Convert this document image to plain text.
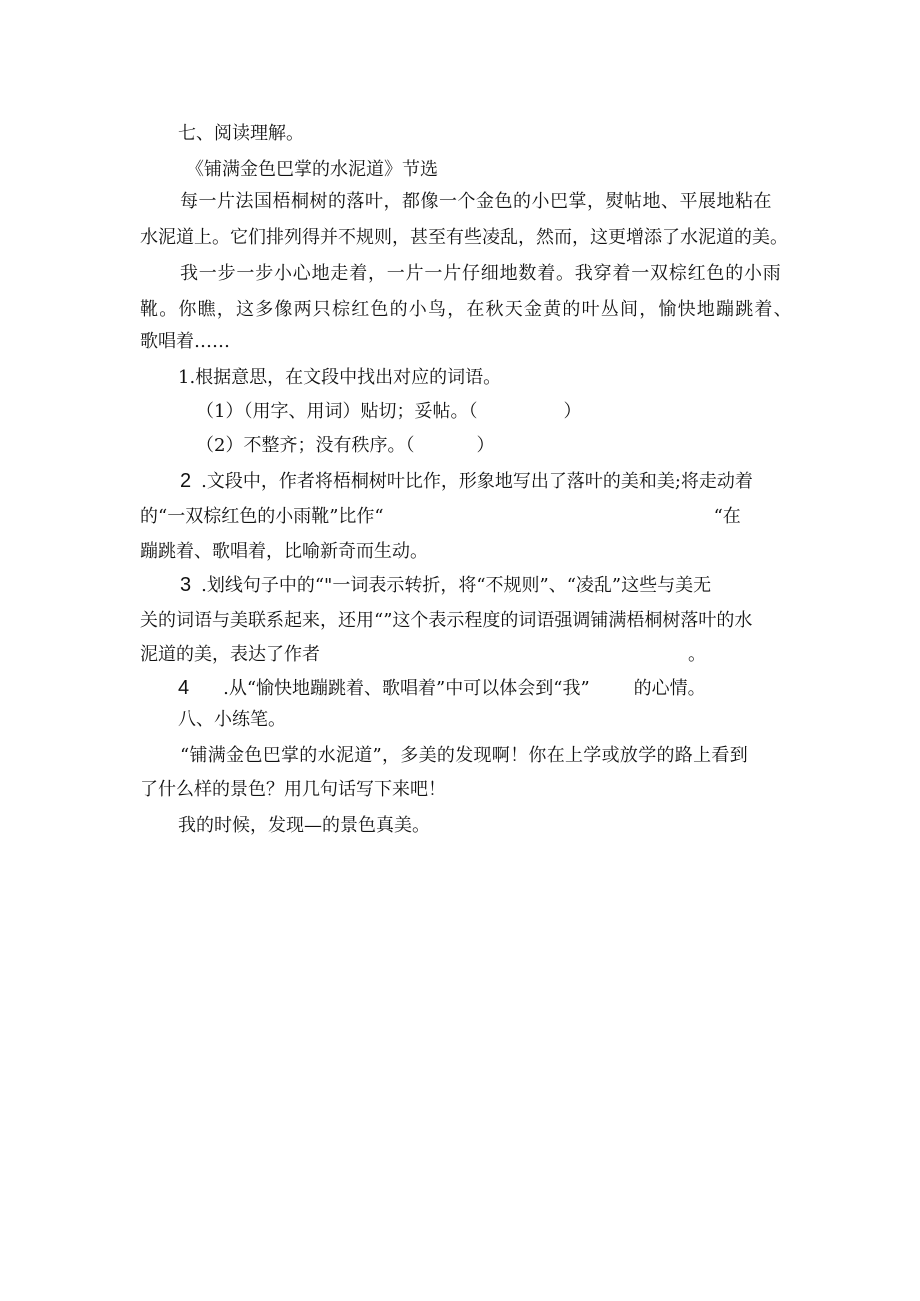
七、阅读理解。
《铺满金色巴掌的水泥道》节选
每一片法国梧桐树的落叶，都像一个金色的小巴掌，熨帖地、平展地粘在
水泥道上。它们排列得并不规则，甚至有些凌乱，然而，这更增添了水泥道的美。
我一步一步小心地走着，一片一片仔细地数着。我穿着一双棕红色的小雨
靴。你瞧，这多像两只棕红色的小鸟，在秋天金黄的叶丛间，愉快地蹦跳着、
歌唱着……
1.根据意思，在文段中找出对应的词语。
（1）（用字、用词）贴切；妥帖。（	）
（2）不整齐；没有秩序。（	）
2 .文段中，作者将梧桐树叶比作，形象地写出了落叶的美和美;将走动着
的“一双棕红色的小雨靴”比作“	“在
蹦跳着、歌唱着，比喻新奇而生动。
3 .划线句子中的“"一词表示转折，将“不规则”、“凌乱”这些与美无
关的词语与美联系起来，还用“”这个表示程度的词语强调铺满梧桐树落叶的水
泥道的美，表达了作者	。
4 .从“愉快地蹦跳着、歌唱着”中可以体会到“我” 的心情。
八、小练笔。
“铺满金色巴掌的水泥道”，多美的发现啊！你在上学或放学的路上看到
了什么样的景色？用几句话写下来吧！
我的时候，发现—的景色真美。
